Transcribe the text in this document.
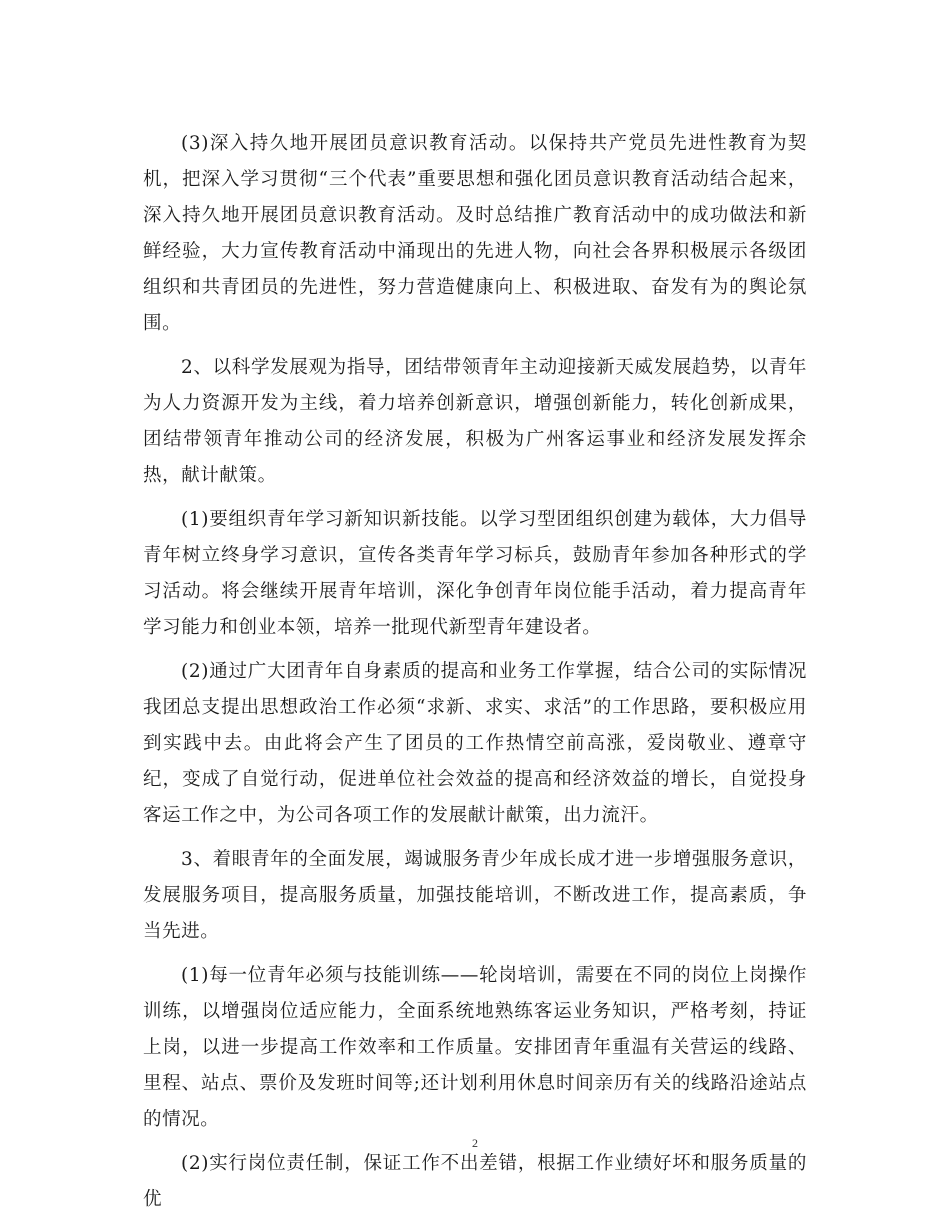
(3)深入持久地开展团员意识教育活动。以保持共产党员先进性教育为契机，把深入学习贯彻“三个代表”重要思想和强化团员意识教育活动结合起来，深入持久地开展团员意识教育活动。及时总结推广教育活动中的成功做法和新鲜经验，大力宣传教育活动中涌现出的先进人物，向社会各界积极展示各级团组织和共青团员的先进性，努力营造健康向上、积极进取、奋发有为的舆论氛围。

2、以科学发展观为指导，团结带领青年主动迎接新天威发展趋势，以青年为人力资源开发为主线，着力培养创新意识，增强创新能力，转化创新成果，团结带领青年推动公司的经济发展，积极为广州客运事业和经济发展发挥余热，献计献策。

(1)要组织青年学习新知识新技能。以学习型团组织创建为载体，大力倡导青年树立终身学习意识，宣传各类青年学习标兵，鼓励青年参加各种形式的学习活动。将会继续开展青年培训，深化争创青年岗位能手活动，着力提高青年学习能力和创业本领，培养一批现代新型青年建设者。

(2)通过广大团青年自身素质的提高和业务工作掌握，结合公司的实际情况我团总支提出思想政治工作必须“求新、求实、求活”的工作思路，要积极应用到实践中去。由此将会产生了团员的工作热情空前高涨，爱岗敬业、遵章守纪，变成了自觉行动，促进单位社会效益的提高和经济效益的增长，自觉投身客运工作之中，为公司各项工作的发展献计献策，出力流汗。

3、着眼青年的全面发展，竭诚服务青少年成长成才进一步增强服务意识，发展服务项目，提高服务质量，加强技能培训，不断改进工作，提高素质，争当先进。

(1)每一位青年必须与技能训练——轮岗培训，需要在不同的岗位上岗操作训练，以增强岗位适应能力，全面系统地熟练客运业务知识，严格考刻，持证上岗，以进一步提高工作效率和工作质量。安排团青年重温有关营运的线路、里程、站点、票价及发班时间等;还计划利用休息时间亲历有关的线路沿途站点的情况。

(2)实行岗位责任制，保证工作不出差错，根据工作业绩好坏和服务质量的优

2
